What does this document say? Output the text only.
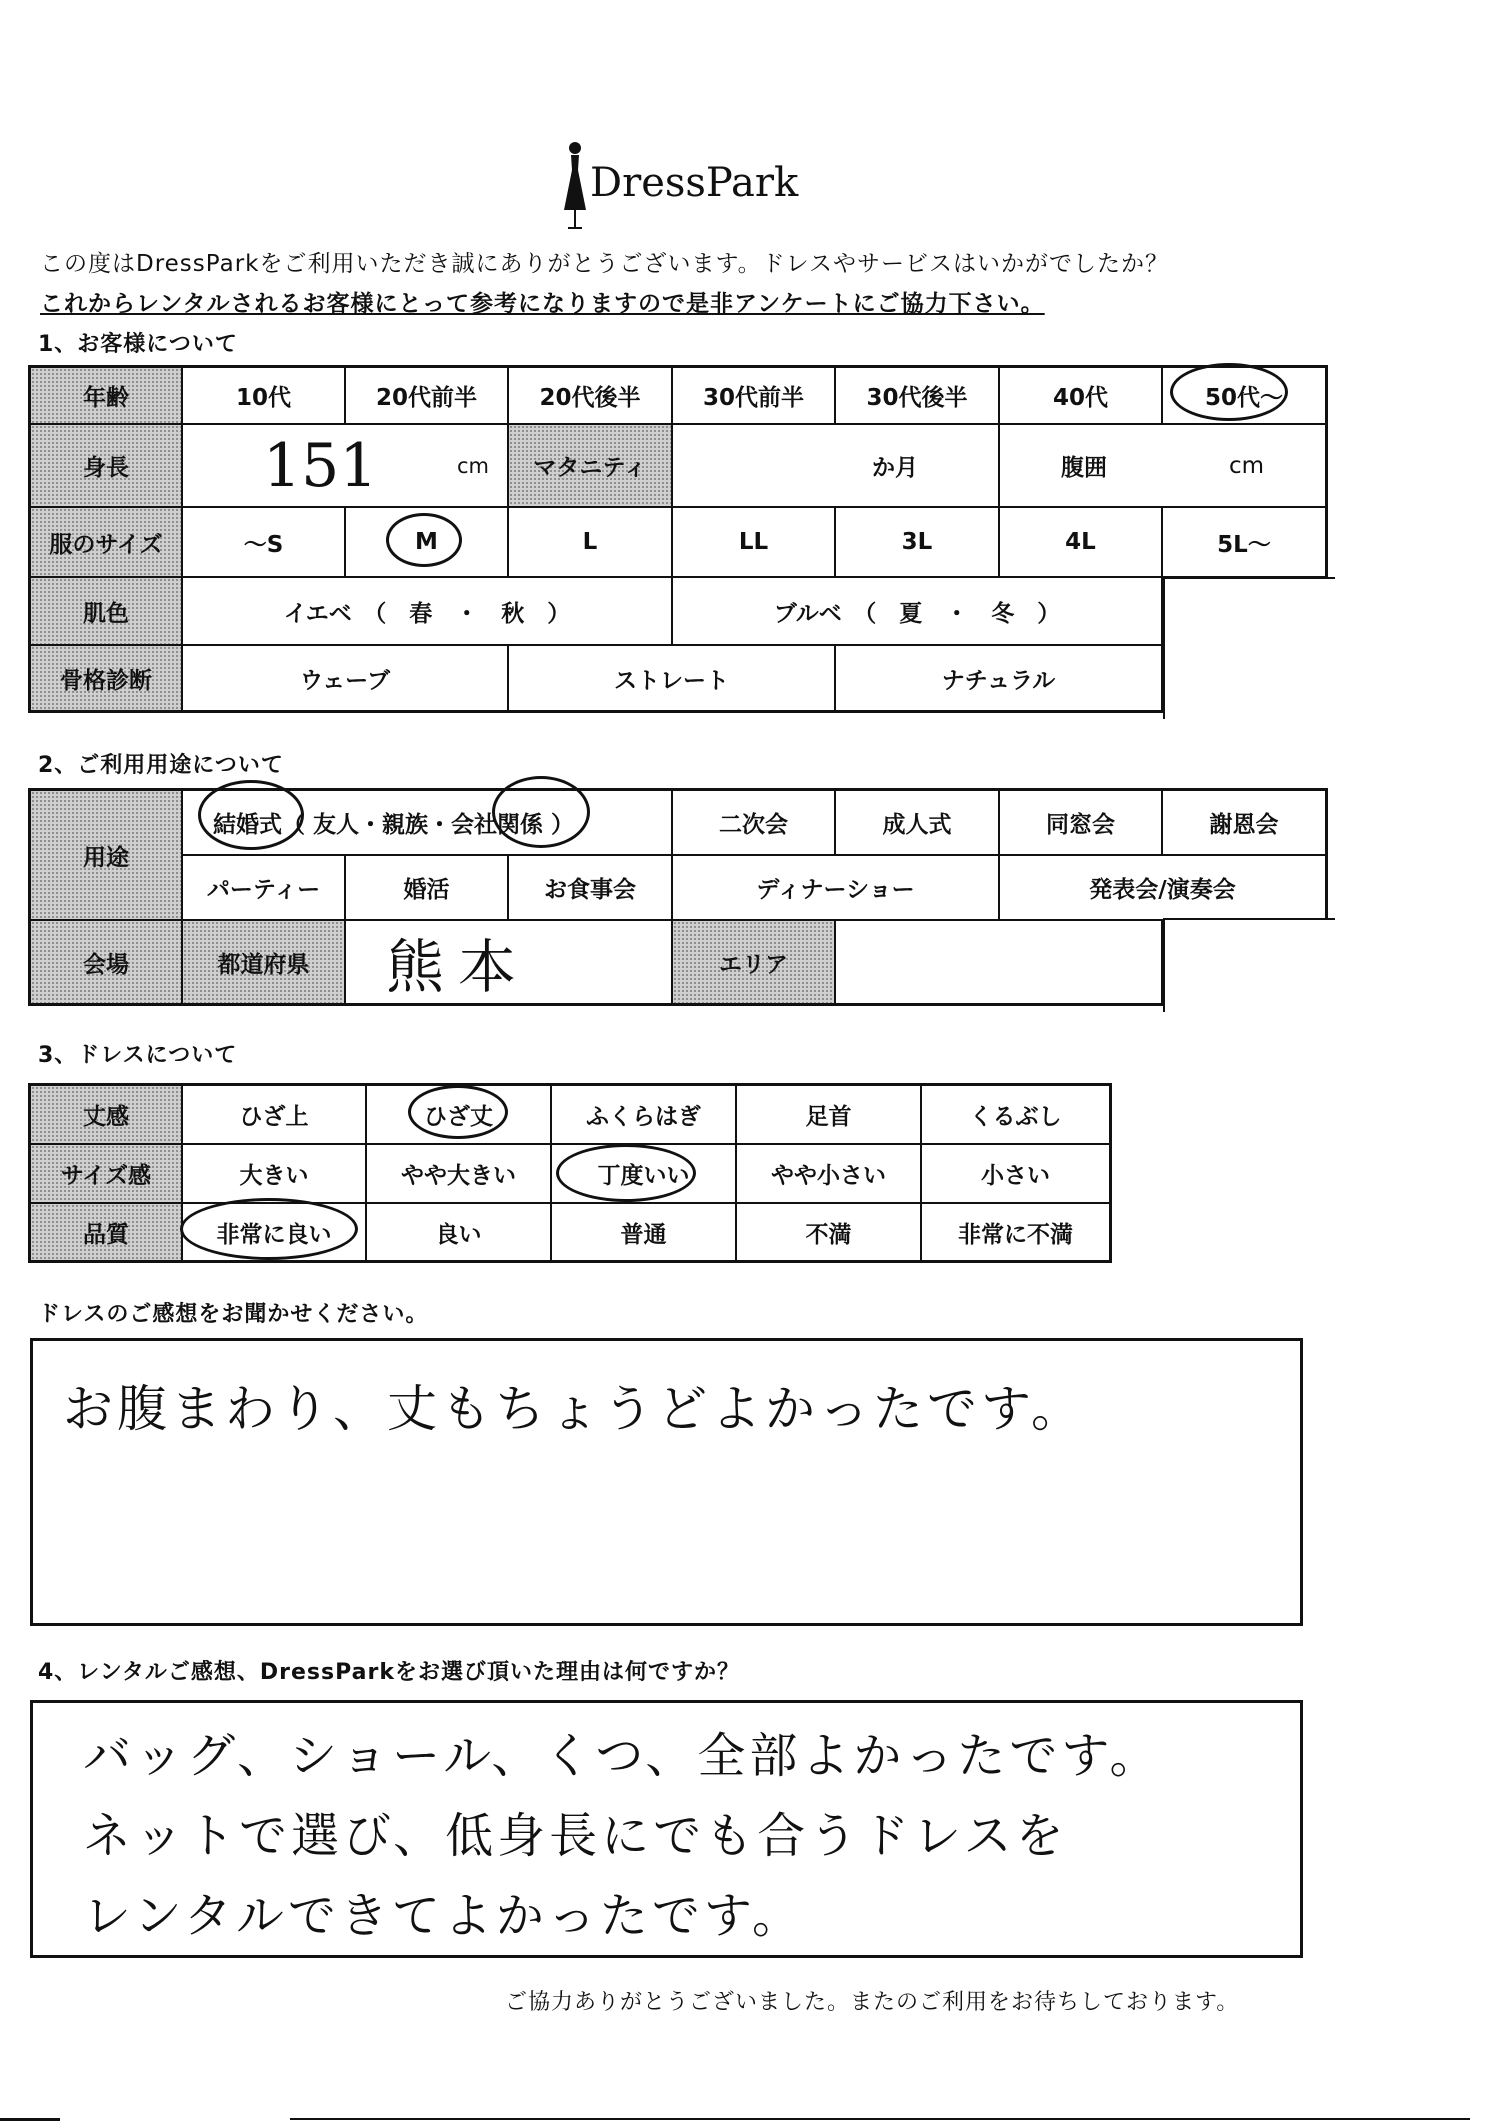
DressPark
この度はDressParkをご利用いただき誠にありがとうございます。ドレスやサービスはいかがでしたか？
これからレンタルされるお客様にとって参考になりますので是非アンケートにご協力下さい。
1、お客様について
年齢	10代	20代前半	20代後半	30代前半	30代後半	40代	50代～
身長	151	cm	マタニティ	か月	腹囲	cm
服のサイズ	～S	M	L	LL	3L	4L	5L～
肌色	イエベ　（　春　・　秋　）	ブルベ　（　夏　・　冬　）
骨格診断	ウェーブ	ストレート	ナチュラル
2、ご利用用途について
用途
結婚式 （ 友人・親族・会社関係 ）	二次会	成人式	同窓会	謝恩会
パーティー	婚活	お食事会	ディナーショー	発表会/演奏会
会場	都道府県	熊本	エリア
3、ドレスについて
丈感	ひざ上	ひざ丈	ふくらはぎ	足首	くるぶし
サイズ感	大きい	やや大きい	丁度いい	やや小さい	小さい
品質	非常に良い	良い	普通	不満	非常に不満
ドレスのご感想をお聞かせください。
お腹まわり、丈もちょうどよかったです。
4、レンタルご感想、DressParkをお選び頂いた理由は何ですか？
バッグ、ショール、くつ、全部よかったです。
ネットで選び、低身長にでも合うドレスを
レンタルできてよかったです。
ご協力ありがとうございました。またのご利用をお待ちしております。
